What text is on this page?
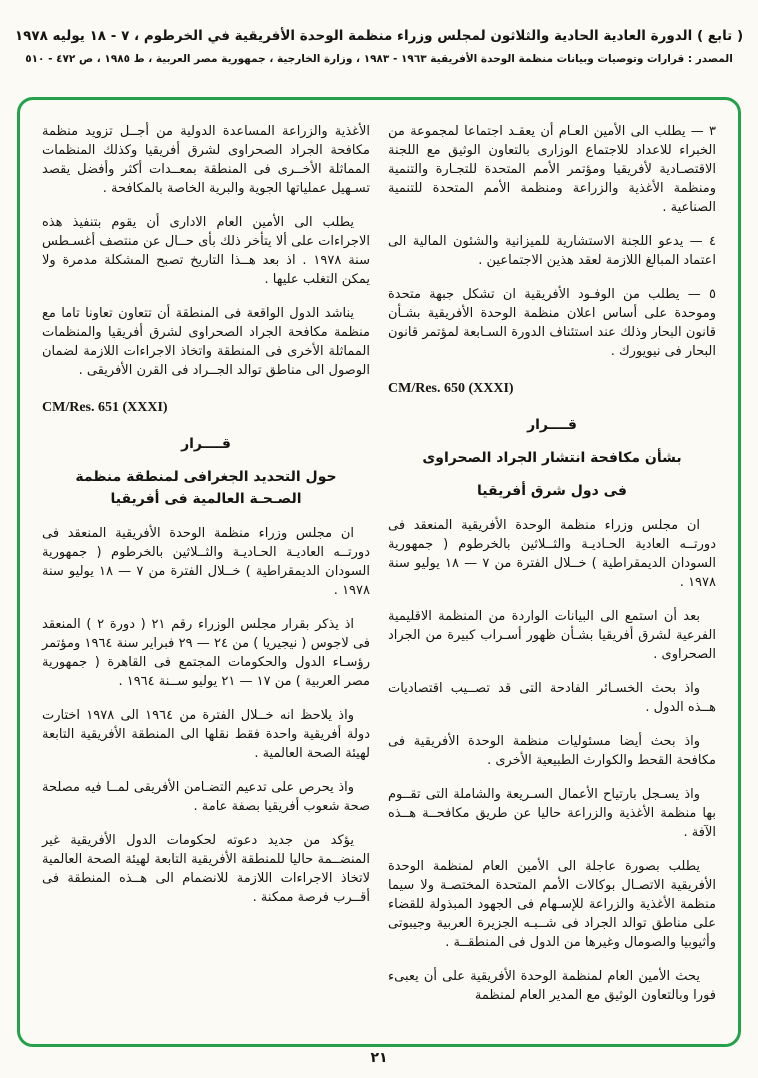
( تابع ) الدورة العادية الحادية والثلاثون لمجلس وزراء منظمة الوحدة الأفريقية في الخرطوم ، ٧ - ١٨ يوليه ١٩٧٨
المصدر : قرارات وتوصيات وبيانات منظمة الوحدة الأفريقية ١٩٦٣ - ١٩٨٣ ، وزارة الخارجية ، جمهورية مصر العربية ، ط ١٩٨٥ ، ص ٤٧٢ - ٥١٠

٣ — يطلب الى الأمين العـام أن يعقـد اجتماعا لمجموعة من الخبراء للاعداد للاجتماع الوزارى بالتعاون الوثيق مع اللجنة الاقتصـادية لأفريقيا ومؤتمر الأمم المتحدة للتجـارة والتنمية ومنظمة الأغذية والزراعة ومنظمة الأمم المتحدة للتنمية الصناعية .

٤ — يدعو اللجنة الاستشارية للميزانية والشئون المالية الى اعتماد المبالغ اللازمة لعقد هذين الاجتماعين .

٥ — يطلب من الوفـود الأفريقية ان تشكل جبهة متحدة وموحدة على أساس اعلان منظمة الوحدة الأفريقية بشـأن قانون البحار وذلك عند استئناف الدورة السـابعة لمؤتمر قانون البحار فى نيويورك .

CM/Res. 650 (XXXI)

قــــرار
بشأن مكافحة انتشار الجراد الصحراوى
فى دول شرق أفريقيا

ان مجلس وزراء منظمة الوحدة الأفريقية المنعقد فى دورتــه العادية الحـاديـة والثــلاثين بالخرطوم ( جمهورية السودان الديمقراطية ) خــلال الفترة من ٧ — ١٨ يوليو سنة ١٩٧٨ .

بعد أن استمع الى البيانات الواردة من المنظمة الاقليمية الفرعية لشرق أفريقيا بشـأن ظهور أسـراب كبيرة من الجراد الصحراوى .

واذ بحث الخسـائر الفادحة التى قد تصــيب اقتصاديات هــذه الدول .

واذ بحث أيضا مسئوليات منظمة الوحدة الأفريقية فى مكافحة القحط والكوارث الطبيعية الأخرى .

واذ يسـجل بارتياح الأعمال السـريعة والشاملة التى تقــوم بها منظمة الأغذية والزراعة حاليا عن طريق مكافحــة هــذه الآفة .

يطلب بصورة عاجلة الى الأمين العام لمنظمة الوحدة الأفريقية الاتصـال بوكالات الأمم المتحدة المختصـة ولا سيما منظمة الأغذية والزراعة للإسـهام فى الجهود المبذولة للقضاء على مناطق توالد الجراد فى شــبـه الجزيرة العربية وجيبوتى وأثيوبيا والصومال وغيرها من الدول فى المنطقــة .

يحث الأمين العام لمنظمة الوحدة الأفريقية على أن يعبىء فورا وبالتعاون الوثيق مع المدير العام لمنظمة

الأغذية والزراعة المساعدة الدولية من أجــل تزويد منظمة مكافحة الجراد الصحراوى لشرق أفريقيا وكذلك المنظمات المماثلة الأخــرى فى المنطقة بمعــدات أكثر وأفضل يقصد تسـهيل عملياتها الجوية والبرية الخاصة بالمكافحة .

يطلب الى الأمين العام الادارى أن يقوم بتنفيذ هذه الاجراءات على ألا يتأخر ذلك بأى حــال عن منتصف أغسـطس سنة ١٩٧٨ . اذ بعد هــذا التاريخ تصبح المشكلة مدمرة ولا يمكن التغلب عليها .

يناشد الدول الواقعة فى المنطقة أن تتعاون تعاونا تاما مع منظمة مكافحة الجراد الصحراوى لشرق أفريقيا والمنظمات المماثلة الأخرى فى المنطقة واتخاذ الاجراءات اللازمة لضمان الوصول الى مناطق توالد الجــراد فى القرن الأفريقى .

CM/Res. 651 (XXXI)

قــــرار
حول التحديد الجغرافى لمنطقة منظمة
الصـحـة العالمية فى أفريقيا

ان مجلس وزراء منظمة الوحدة الأفريقية المنعقد فى دورتــه العاديـة الحـاديـة والثــلاثين بالخرطوم ( جمهورية السودان الديمقراطية ) خــلال الفترة من ٧ — ١٨ يوليو سنة ١٩٧٨ .

اذ يذكر بقرار مجلس الوزراء رقم ٢١ ( دورة ٢ ) المنعقد فى لاجوس ( نيجيريا ) من ٢٤ — ٢٩ فبراير سنة ١٩٦٤ ومؤتمر رؤسـاء الدول والحكومات المجتمع فى القاهرة ( جمهورية مصر العربية ) من ١٧ — ٢١ يوليو ســنة ١٩٦٤ .

واذ يلاحظ انه خــلال الفترة من ١٩٦٤ الى ١٩٧٨ اختارت دولة أفريقية واحدة فقط نقلها الى المنطقة الأفريقية التابعة لهيئة الصحة العالمية .

واذ يحرص على تدعيم التضـامن الأفريقى لمــا فيه مصلحة صحة شعوب أفريقيا بصفة عامة .

يؤكد من جديد دعوته لحكومات الدول الأفريقية غير المنضــمة حاليا للمنطقة الأفريقية التابعة لهيئة الصحة العالمية لاتخاذ الاجراءات اللازمة للانضمام الى هــذه المنطقة فى أقــرب فرصة ممكنة .

٢١
